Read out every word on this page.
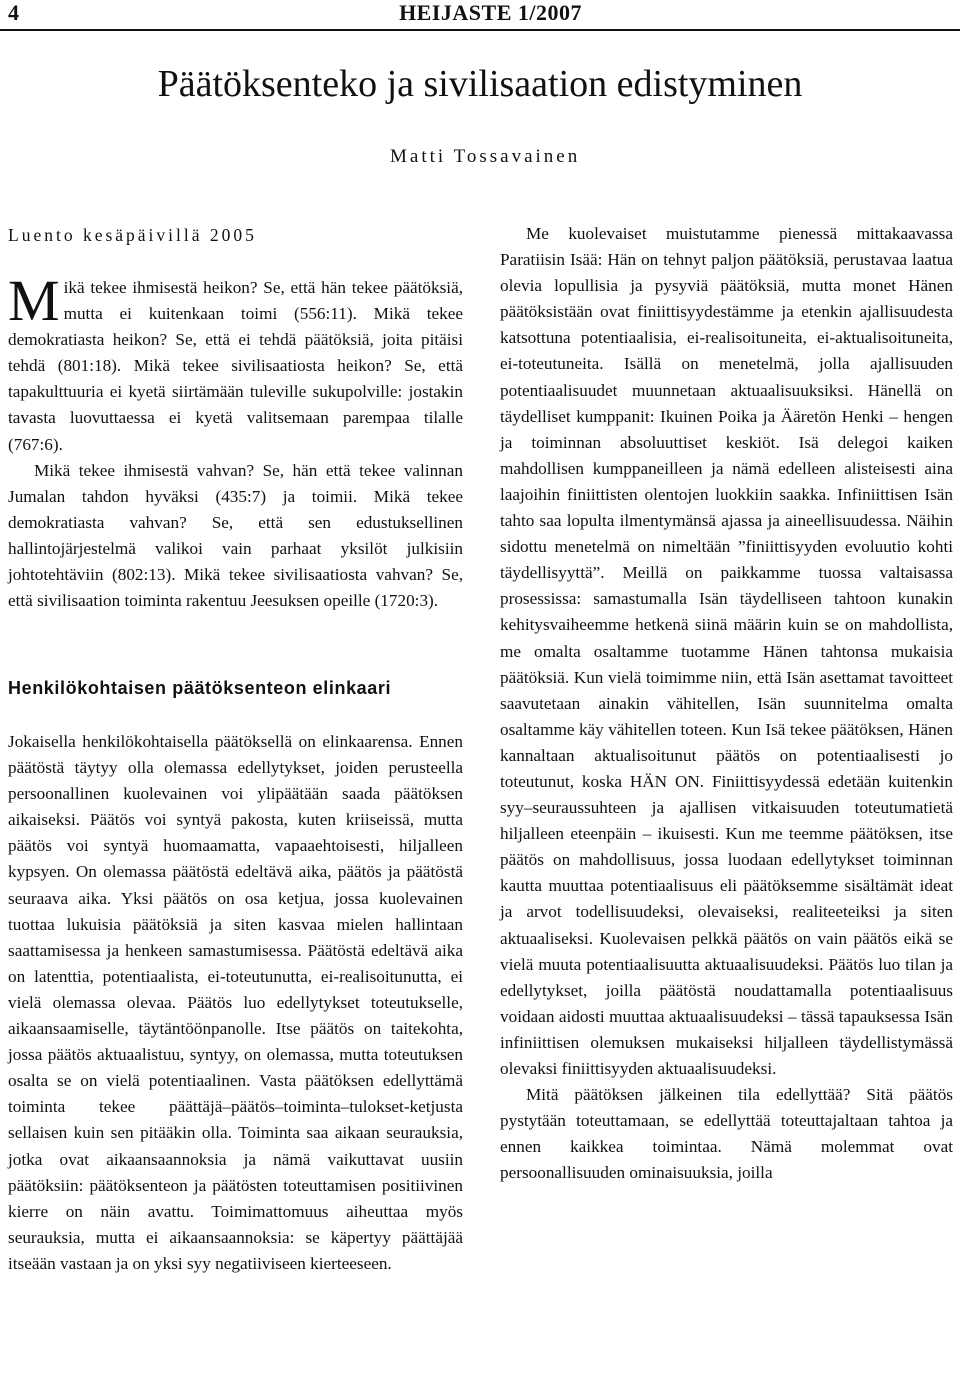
4	HEIJASTE 1/2007
Päätöksenteko ja sivilisaation edistyminen
Matti Tossavainen
Luento kesäpäivillä 2005

Mikä tekee ihmisestä heikon? Se, että hän tekee päätöksiä, mutta ei kuitenkaan toimi (556:11). Mikä tekee demokratiasta heikon? Se, että ei tehdä päätöksiä, joita pitäisi tehdä (801:18). Mikä tekee sivilisaatiosta heikon? Se, että tapakulttuuria ei kyetä siirtämään tuleville sukupolville: jostakin tavasta luovuttaessa ei kyetä valitsemaan parempaa tilalle (767:6).

Mikä tekee ihmisestä vahvan? Se, hän että tekee valinnan Jumalan tahdon hyväksi (435:7) ja toimii. Mikä tekee demokratiasta vahvan? Se, että sen edustuksellinen hallintojärjestelmä valikoi vain parhaat yksilöt julkisiin johtotehtäviin (802:13). Mikä tekee sivilisaatiosta vahvan? Se, että sivilisaation toiminta rakentuu Jeesuksen opeille (1720:3).

Henkilökohtaisen päätöksenteon elinkaari

Jokaisella henkilökohtaisella päätöksellä on elinkaarensa. Ennen päätöstä täytyy olla olemassa edellytykset, joiden perusteella persoonallinen kuolevainen voi ylipäätään saada päätöksen aikaiseksi. Päätös voi syntyä pakosta, kuten kriiseissä, mutta päätös voi syntyä huomaamatta, vapaaehtoisesti, hiljalleen kypsyen. On olemassa päätöstä edeltävä aika, päätös ja päätöstä seuraava aika. Yksi päätös on osa ketjua, jossa kuolevainen tuottaa lukuisia päätöksiä ja siten kasvaa mielen hallintaan saattamisessa ja henkeen samastumisessa. Päätöstä edeltävä aika on latenttia, potentiaalista, ei-toteutunutta, ei-realisoitunutta, ei vielä olemassa olevaa. Päätös luo edellytykset toteutukselle, aikaansaamiselle, täytäntöönpanolle. Itse päätös on taitekohta, jossa päätös aktuaalistuu, syntyy, on olemassa, mutta toteutuksen osalta se on vielä potentiaalinen. Vasta päätöksen edellyttämä toiminta tekee päättäjä–päätös–toiminta–tulokset-ketjusta sellaisen kuin sen pitääkin olla. Toiminta saa aikaan seurauksia, jotka ovat aikaansaannoksia ja nämä vaikuttavat uusiin päätöksiin: päätöksenteon ja päätösten toteuttamisen positiivinen kierre on näin avattu. Toimimattomuus aiheuttaa myös seurauksia, mutta ei aikaansaannoksia: se käpertyy päättäjää itseään vastaan ja on yksi syy negatiiviseen kierteeseen.

Me kuolevaiset muistutamme pienessä mittakaavassa Paratiisin Isää: Hän on tehnyt paljon päätöksiä, perustavaa laatua olevia lopullisia ja pysyviä päätöksiä, mutta monet Hänen päätöksistään ovat finiittisyydestämme ja etenkin ajallisuudesta katsottuna potentiaalisia, ei-realisoituneita, ei-aktualisoituneita, ei-toteutuneita. Isällä on menetelmä, jolla ajallisuuden potentiaalisuudet muunnetaan aktuaalisuuksiksi. Hänellä on täydelliset kumppanit: Ikuinen Poika ja Ääretön Henki – hengen ja toiminnan absoluuttiset keskiöt. Isä delegoi kaiken mahdollisen kumppaneilleen ja nämä edelleen alisteisesti aina laajoihin finiittisten olentojen luokkiin saakka. Infiniittisen Isän tahto saa lopulta ilmentymänsä ajassa ja aineellisuudessa. Näihin sidottu menetelmä on nimeltään ”finiittisyyden evoluutio kohti täydellisyyttä”. Meillä on paikkamme tuossa valtaisassa prosessissa: samastumalla Isän täydelliseen tahtoon kunakin kehitysvaiheemme hetkenä siinä määrin kuin se on mahdollista, me omalta osaltamme tuotamme Hänen tahtonsa mukaisia päätöksiä. Kun vielä toimimme niin, että Isän asettamat tavoitteet saavutetaan ainakin vähitellen, Isän suunnitelma omalta osaltamme käy vähitellen toteen. Kun Isä tekee päätöksen, Hänen kannaltaan aktualisoitunut päätös on potentiaalisesti jo toteutunut, koska HÄN ON. Finiittisyydessä edetään kuitenkin syy–seuraussuhteen ja ajallisen vitkaisuuden toteutumatietä hiljalleen eteenpäin – ikuisesti. Kun me teemme päätöksen, itse päätös on mahdollisuus, jossa luodaan edellytykset toiminnan kautta muuttaa potentiaalisuus eli päätöksemme sisältämät ideat ja arvot todellisuudeksi, olevaiseksi, realiteeteiksi ja siten aktuaaliseksi. Kuolevaisen pelkkä päätös on vain päätös eikä se vielä muuta potentiaalisuutta aktuaalisuudeksi. Päätös luo tilan ja edellytykset, joilla päätöstä noudattamalla potentiaalisuus voidaan aidosti muuttaa aktuaalisuudeksi – tässä tapauksessa Isän infiniittisen olemuksen mukaiseksi hiljalleen täydellistymässä olevaksi finiittisyyden aktuaalisuudeksi.

Mitä päätöksen jälkeinen tila edellyttää? Sitä päätös pystytään toteuttamaan, se edellyttää toteuttajaltaan tahtoa ja ennen kaikkea toimintaa. Nämä molemmat ovat persoonallisuuden ominaisuuksia, joilla
